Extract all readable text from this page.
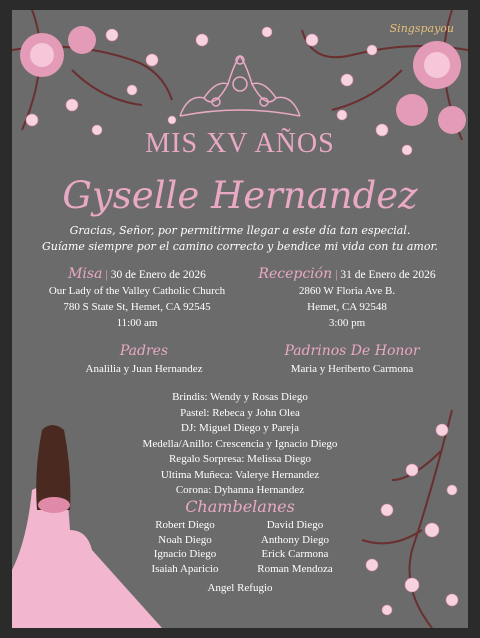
Singspayou
MIS XV AÑOS
Gyselle Hernandez
Gracias, Señor, por permitirme llegar a este día tan especial.
Guíame siempre por el camino correcto y bendice mi vida con tu amor.
Misa | 30 de Enero de 2026
Our Lady of the Valley Catholic Church
780 S State St, Hemet, CA 92545
11:00 am
Recepción | 31 de Enero de 2026
2860 W Floria Ave B.
Hemet, CA 92548
3:00 pm
Padres
Analilia y Juan Hernandez
Padrinos De Honor
Maria y Heriberto Carmona
Brindis: Wendy y Rosas Diego
Pastel: Rebeca y John Olea
DJ: Miguel Diego y Pareja
Medella/Anillo: Crescencia y Ignacio Diego
Regalo Sorpresa: Melissa Diego
Ultima Muñeca: Valerye Hernandez
Corona: Dyhanna Hernandez
Chambelanes
Robert Diego	David Diego
Noah Diego	Anthony Diego
Ignacio Diego	Erick Carmona
Isaiah Aparicio	Roman Mendoza
Angel Refugio
